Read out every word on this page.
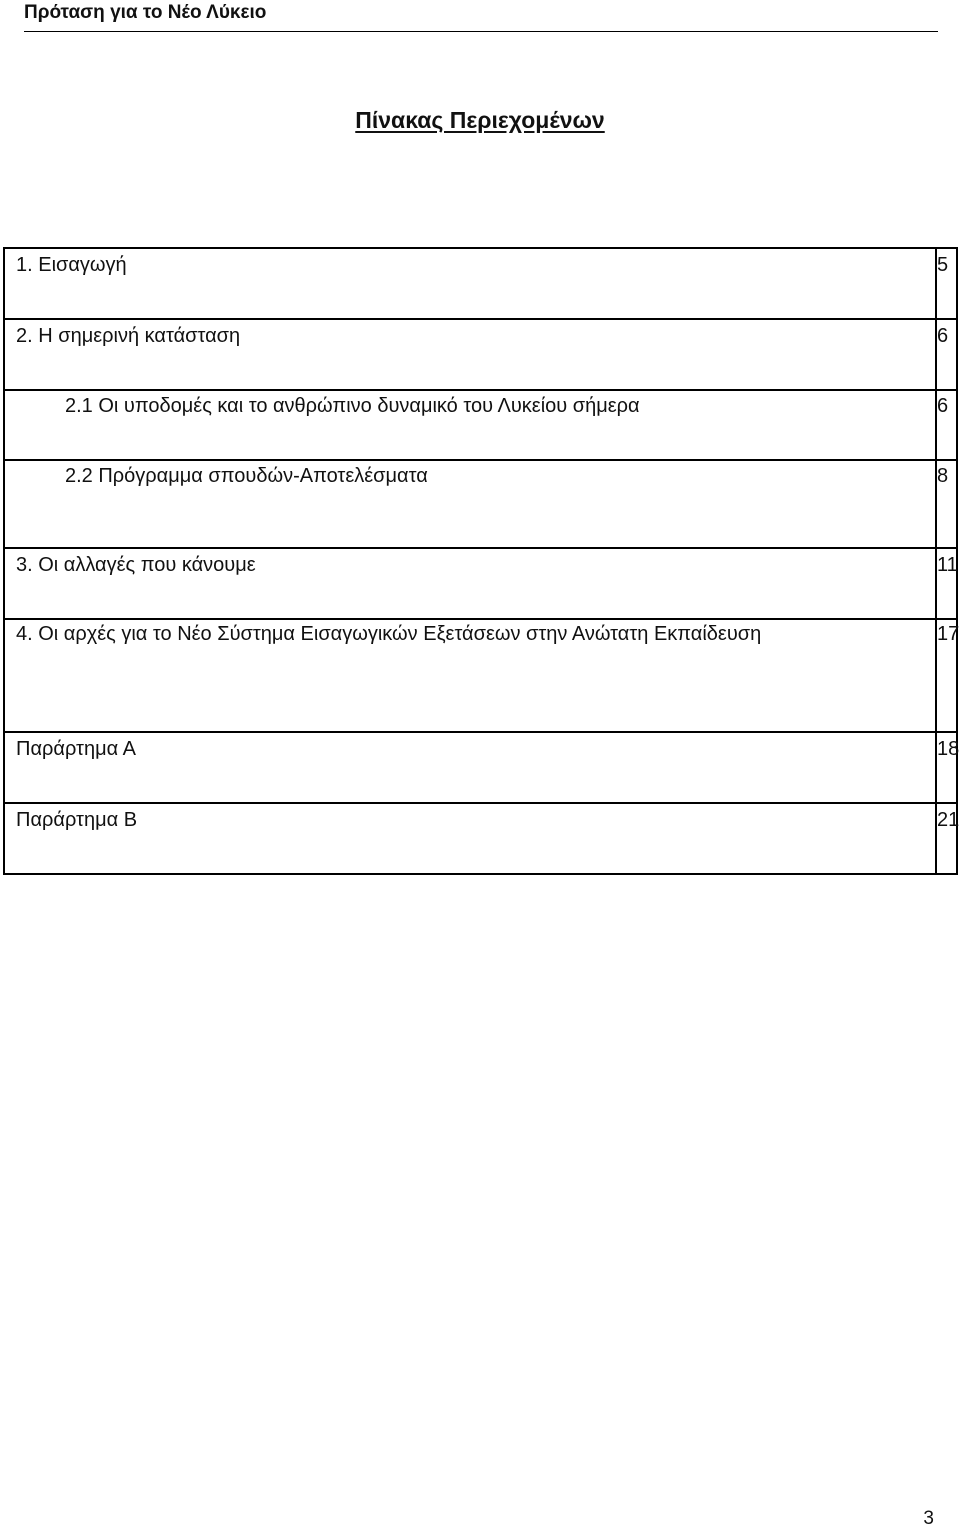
Πρόταση για το Νέο Λύκειο
Πίνακας Περιεχομένων
1. Εισαγωγή	5

2. Η σημερινή κατάσταση	6

2.1 Οι υποδομές και το ανθρώπινο δυναμικό του Λυκείου σήμερα	6

2.2 Πρόγραμμα σπουδών-Αποτελέσματα	8

3. Οι αλλαγές που κάνουμε	11

4. Οι αρχές για το Νέο Σύστημα Εισαγωγικών Εξετάσεων στην Ανώτατη Εκπαίδευση	17

Παράρτημα Α	18

Παράρτημα Β	21
3
